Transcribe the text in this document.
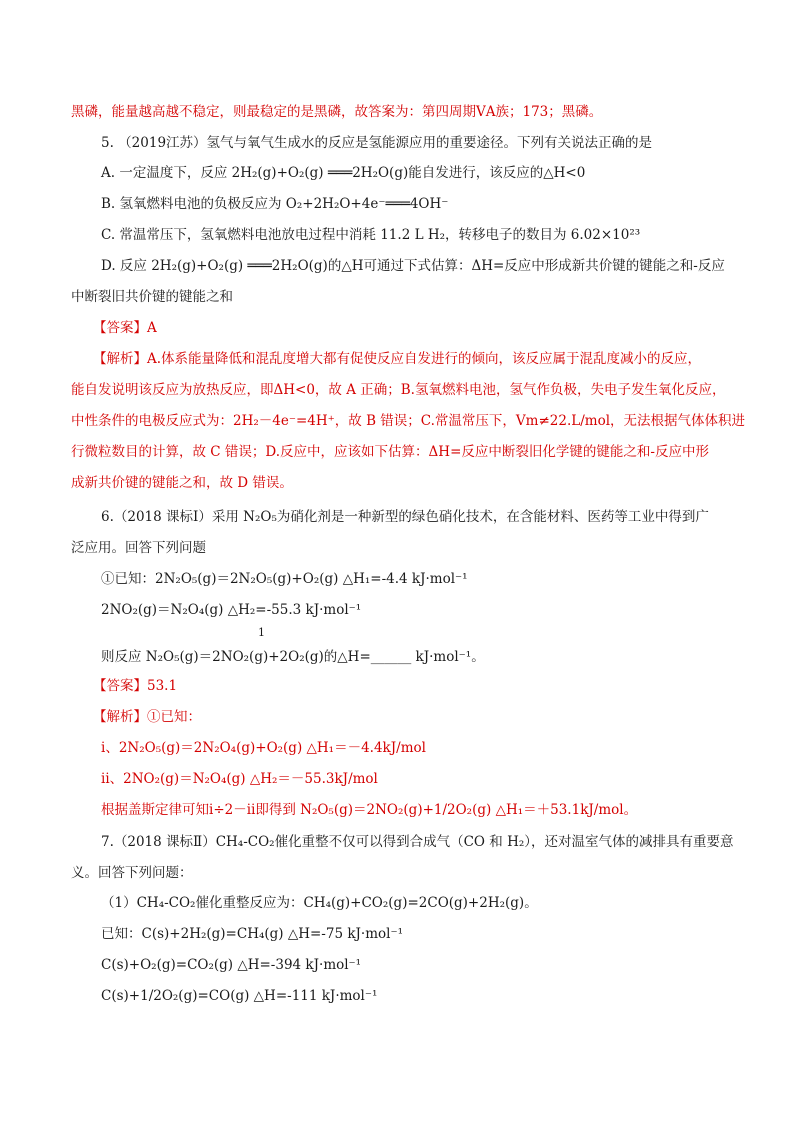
黑磷，能量越高越不稳定，则最稳定的是黑磷，故答案为：第四周期ⅤA族；173；黑磷。
5. （2019江苏）氢气与氧气生成水的反应是氢能源应用的重要途径。下列有关说法正确的是
A. 一定温度下，反应 2H₂(g)+O₂(g) ═══2H₂O(g)能自发进行，该反应的△H<0
B. 氢氧燃料电池的负极反应为 O₂+2H₂O+4e⁻═══4OH⁻
C. 常温常压下，氢氧燃料电池放电过程中消耗 11.2 L H₂，转移电子的数目为 6.02×10²³
D. 反应 2H₂(g)+O₂(g) ═══2H₂O(g)的△H可通过下式估算：ΔH=反应中形成新共价键的键能之和-反应
中断裂旧共价键的键能之和
【答案】A
【解析】A.体系能量降低和混乱度增大都有促使反应自发进行的倾向，该反应属于混乱度减小的反应，
能自发说明该反应为放热反应，即ΔH<0，故 A 正确；B.氢氧燃料电池，氢气作负极，失电子发生氧化反应，
中性条件的电极反应式为：2H₂－4e⁻=4H⁺，故 B 错误；C.常温常压下，Vm≠22.L/mol，无法根据气体体积进
行微粒数目的计算，故 C 错误；D.反应中，应该如下估算：ΔH=反应中断裂旧化学键的键能之和-反应中形
成新共价键的键能之和，故 D 错误。
6.（2018 课标Ⅰ）采用 N₂O₅为硝化剂是一种新型的绿色硝化技术，在含能材料、医药等工业中得到广
泛应用。回答下列问题
①已知：2N₂O₅(g)＝2N₂O₅(g)+O₂(g) △H₁=-4.4 kJ·mol⁻¹
2NO₂(g)＝N₂O₄(g) △H₂=-55.3 kJ·mol⁻¹
1
则反应 N₂O₅(g)＝2NO₂(g)+2O₂(g)的△H=______ kJ·mol⁻¹。
【答案】53.1
【解析】①已知：
ⅰ、2N₂O₅(g)＝2N₂O₄(g)+O₂(g) △H₁＝－4.4kJ/mol
ⅱ、2NO₂(g)＝N₂O₄(g) △H₂＝－55.3kJ/mol
根据盖斯定律可知ⅰ÷2－ⅱ即得到 N₂O₅(g)＝2NO₂(g)+1/2O₂(g) △H₁＝＋53.1kJ/mol。
7.（2018 课标Ⅱ）CH₄-CO₂催化重整不仅可以得到合成气（CO 和 H₂），还对温室气体的减排具有重要意
义。回答下列问题：
（1）CH₄-CO₂催化重整反应为：CH₄(g)+CO₂(g)=2CO(g)+2H₂(g)。
已知：C(s)+2H₂(g)=CH₄(g) △H=-75 kJ·mol⁻¹
C(s)+O₂(g)=CO₂(g) △H=-394 kJ·mol⁻¹
C(s)+1/2O₂(g)=CO(g) △H=-111 kJ·mol⁻¹
